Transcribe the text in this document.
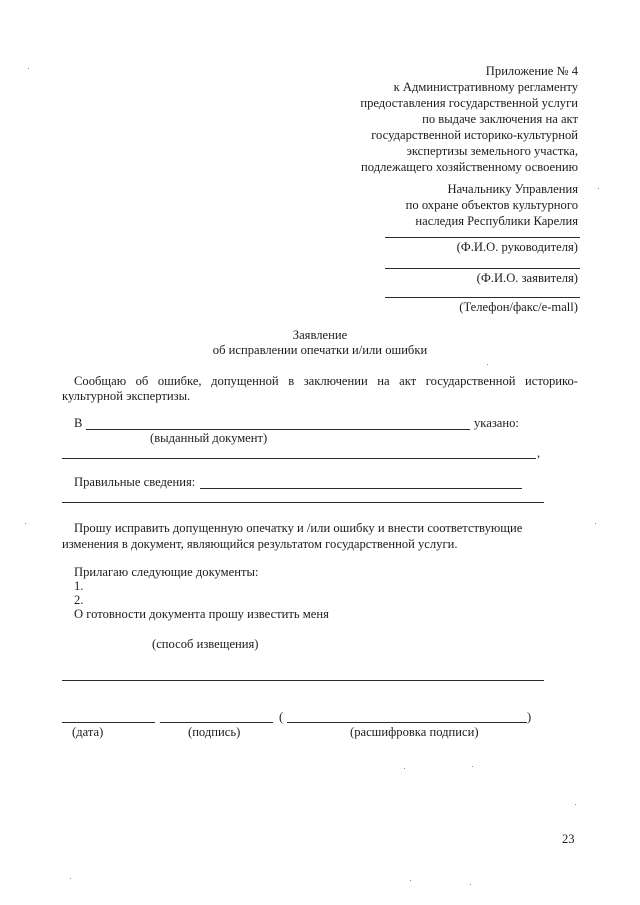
Приложение № 4
к Административному регламенту
предоставления государственной услуги
по выдаче заключения на акт
государственной историко-культурной
экспертизы земельного участка,
подлежащего хозяйственному освоению
Начальнику Управления
по охране объектов культурного
наследия Республики Карелия
(Ф.И.О. руководителя)
(Ф.И.О. заявителя)
(Телефон/факс/e-mall)
Заявление
об исправлении опечатки и/или ошибки
Сообщаю об ошибке, допущенной в заключении на акт государственной историко-
культурной экспертизы.
В	указано:
(выданный документ)
,
Правильные сведения:
Прошу исправить допущенную опечатку и /или ошибку и внести соответствующие
изменения в документ, являющийся результатом государственной услуги.
Прилагаю следующие документы:
1.
2.
О готовности документа прошу известить меня
(способ извещения)
(	)
(дата)	(подпись)	(расшифровка подписи)
23
